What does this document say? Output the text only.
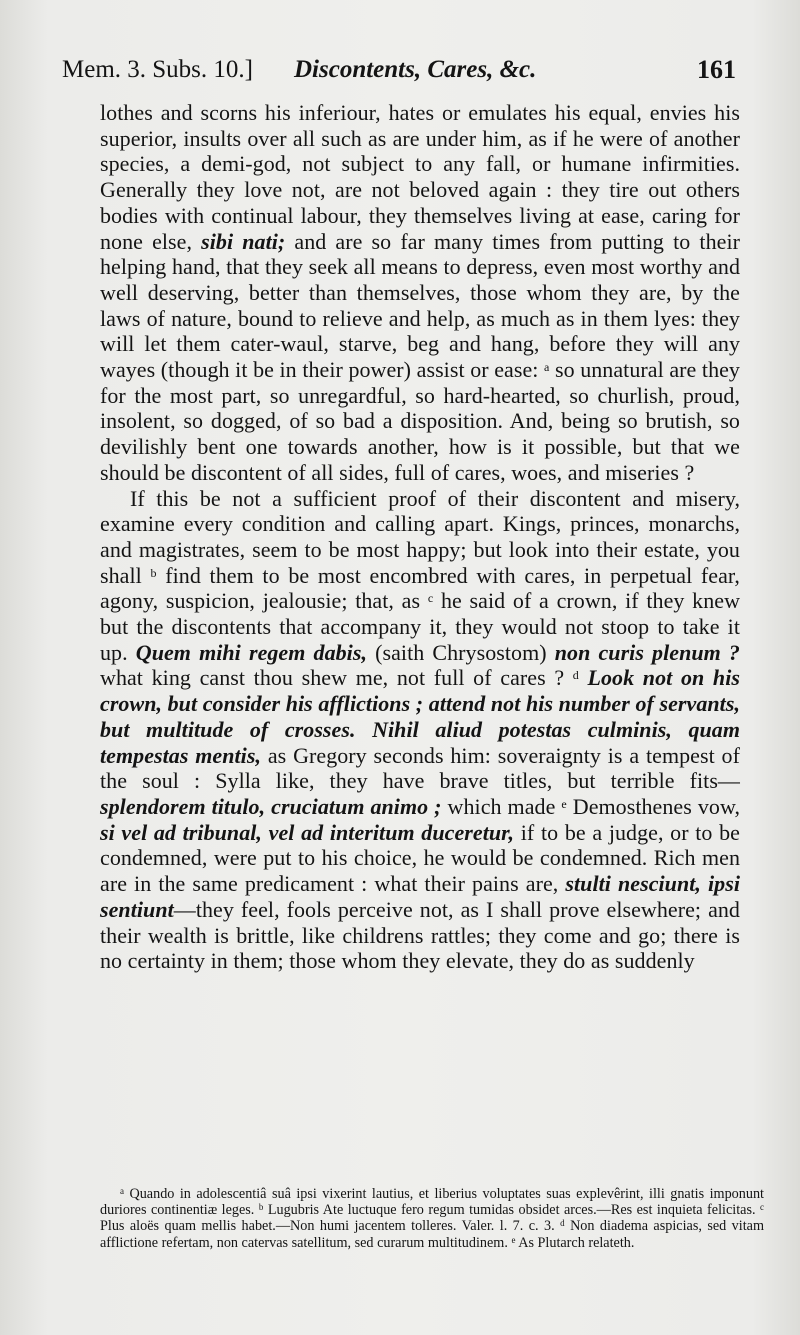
Mem. 3. Subs. 10.] Discontents, Cares, &c.	161

lothes and scorns his inferiour, hates or emulates his equal, envies his superior, insults over all such as are under him, as if he were of another species, a demi-god, not subject to any fall, or humane infirmities. Generally they love not, are not beloved again : they tire out others bodies with continual labour, they themselves living at ease, caring for none else, sibi nati; and are so far many times from putting to their helping hand, that they seek all means to depress, even most worthy and well deserving, better than themselves, those whom they are, by the laws of nature, bound to relieve and help, as much as in them lyes: they will let them cater-waul, starve, beg and hang, before they will any wayes (though it be in their power) assist or ease: $^a$ so unnatural are they for the most part, so unregardful, so hard-hearted, so churlish, proud, insolent, so dogged, of so bad a disposition. And, being so brutish, so devilishly bent one towards another, how is it possible, but that we should be discontent of all sides, full of cares, woes, and miseries ?

If this be not a sufficient proof of their discontent and misery, examine every condition and calling apart. Kings, princes, monarchs, and magistrates, seem to be most happy; but look into their estate, you shall $^b$ find them to be most encombred with cares, in perpetual fear, agony, suspicion, jealousie; that, as $^c$ he said of a crown, if they knew but the discontents that accompany it, they would not stoop to take it up. Quem mihi regem dabis, (saith Chrysostom) non curis plenum ? what king canst thou shew me, not full of cares ? $^d$ Look not on his crown, but consider his afflictions ; attend not his number of servants, but multitude of crosses. Nihil aliud potestas culminis, quam tempestas mentis, as Gregory seconds him: soveraignty is a tempest of the soul : Sylla like, they have brave titles, but terrible fits—splendorem titulo, cruciatum animo ; which made $^e$ Demosthenes vow, si vel ad tribunal, vel ad interitum duceretur, if to be a judge, or to be condemned, were put to his choice, he would be condemned. Rich men are in the same predicament : what their pains are, stulti nesciunt, ipsi sentiunt—they feel, fools perceive not, as I shall prove elsewhere; and their wealth is brittle, like childrens rattles; they come and go; there is no certainty in them; those whom they elevate, they do as suddenly

$^a$ Quando in adolescentiâ suâ ipsi vixerint lautius, et liberius voluptates suas explevêrint, illi gnatis imponunt duriores continentiæ leges. $^b$ Lugubris Ate luctuque fero regum tumidas obsidet arces.—Res est inquieta felicitas. $^c$ Plus aloës quam mellis habet.—Non humi jacentem tolleres. Valer. l. 7. c. 3. $^d$ Non diadema aspicias, sed vitam afflictione refertam, non catervas satellitum, sed curarum multitudinem. $^e$ As Plutarch relateth.
